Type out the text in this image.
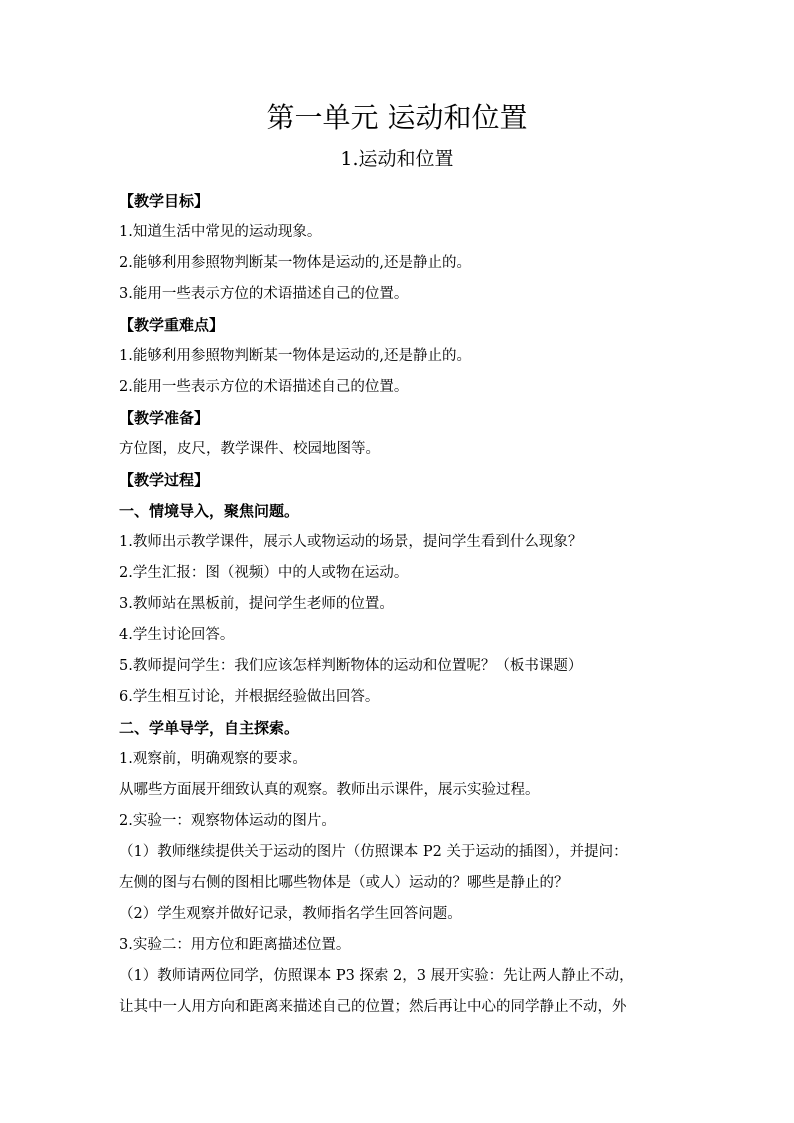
第一单元 运动和位置
1.运动和位置
【教学目标】
1.知道生活中常见的运动现象。
2.能够利用参照物判断某一物体是运动的,还是静止的。
3.能用一些表示方位的术语描述自己的位置。
【教学重难点】
1.能够利用参照物判断某一物体是运动的,还是静止的。
2.能用一些表示方位的术语描述自己的位置。
【教学准备】
方位图，皮尺，教学课件、校园地图等。
【教学过程】
一、情境导入，聚焦问题。
1.教师出示教学课件，展示人或物运动的场景，提问学生看到什么现象？
2.学生汇报：图（视频）中的人或物在运动。
3.教师站在黑板前，提问学生老师的位置。
4.学生讨论回答。
5.教师提问学生：我们应该怎样判断物体的运动和位置呢？（板书课题）
6.学生相互讨论，并根据经验做出回答。
二、学单导学，自主探索。
1.观察前，明确观察的要求。
从哪些方面展开细致认真的观察。教师出示课件，展示实验过程。
2.实验一：观察物体运动的图片。
（1）教师继续提供关于运动的图片（仿照课本 P2 关于运动的插图），并提问：
左侧的图与右侧的图相比哪些物体是（或人）运动的？哪些是静止的？
（2）学生观察并做好记录，教师指名学生回答问题。
3.实验二：用方位和距离描述位置。
（1）教师请两位同学，仿照课本 P3 探索 2，3 展开实验：先让两人静止不动，
让其中一人用方向和距离来描述自己的位置；然后再让中心的同学静止不动，外
